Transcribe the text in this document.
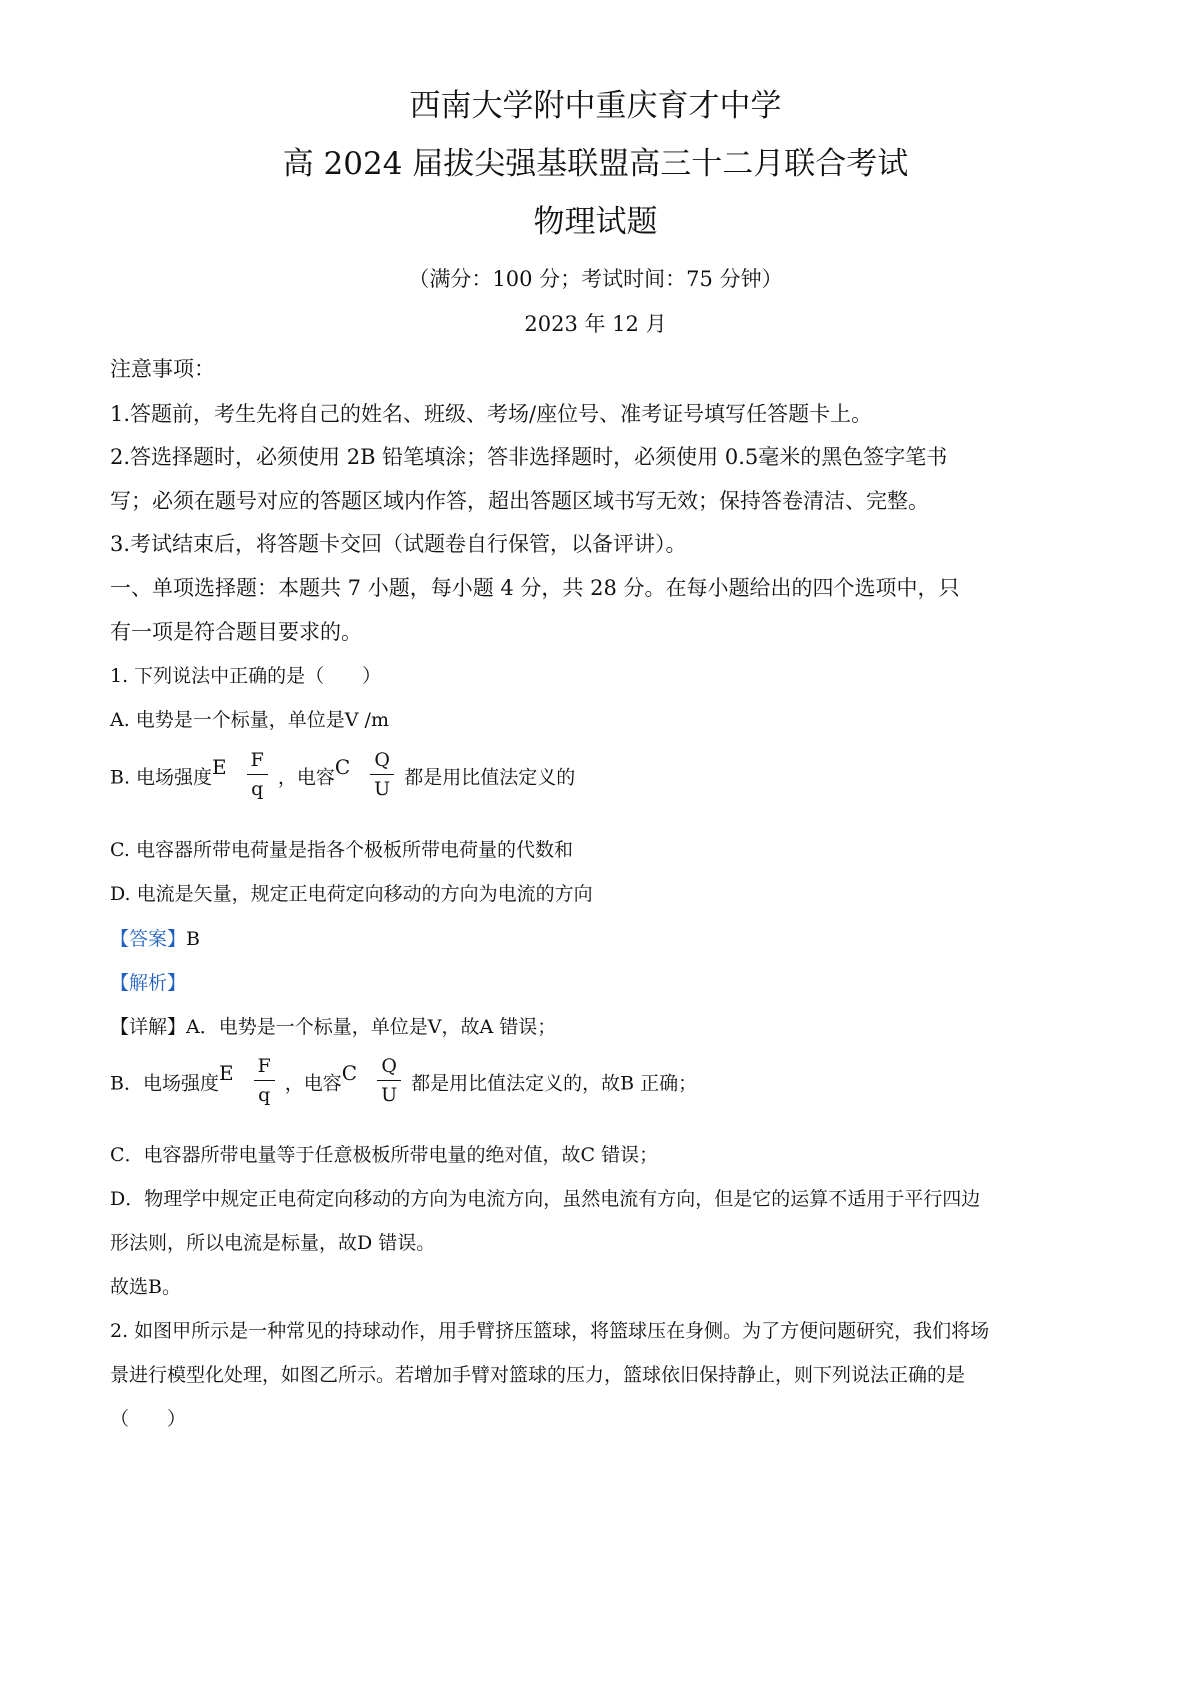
西南大学附中重庆育才中学
高 2024 届拔尖强基联盟高三十二月联合考试
物理试题
（满分：100 分；考试时间：75 分钟）
2023 年 12 月
注意事项：
1.答题前，考生先将自己的姓名、班级、考场/座位号、准考证号填写任答题卡上。
2.答选择题时，必须使用 2B 铅笔填涂；答非选择题时，必须使用 0.5毫米的黑色签字笔书
写；必须在题号对应的答题区域内作答，超出答题区域书写无效；保持答卷清洁、完整。
3.考试结束后，将答题卡交回（试题卷自行保管，以备评讲）。
一、单项选择题：本题共 7 小题，每小题 4 分，共 28 分。在每小题给出的四个选项中，只
有一项是符合题目要求的。
1. 下列说法中正确的是（　　）
A. 电势是一个标量，单位是V /m
B. 电场强度E $\frac{F}{q}$ ，电容C $\frac{Q}{U}$ 都是用比值法定义的
C. 电容器所带电荷量是指各个极板所带电荷量的代数和
D. 电流是矢量，规定正电荷定向移动的方向为电流的方向
【答案】B
【解析】
【详解】A．电势是一个标量，单位是V，故A 错误；
B．电场强度E $\frac{F}{q}$ ，电容C $\frac{Q}{U}$ 都是用比值法定义的，故B 正确；
C．电容器所带电量等于任意极板所带电量的绝对值，故C 错误；
D．物理学中规定正电荷定向移动的方向为电流方向，虽然电流有方向，但是它的运算不适用于平行四边
形法则，所以电流是标量，故D 错误。
故选B。
2. 如图甲所示是一种常见的持球动作，用手臂挤压篮球，将篮球压在身侧。为了方便问题研究，我们将场
景进行模型化处理，如图乙所示。若增加手臂对篮球的压力，篮球依旧保持静止，则下列说法正确的是
（　　）
